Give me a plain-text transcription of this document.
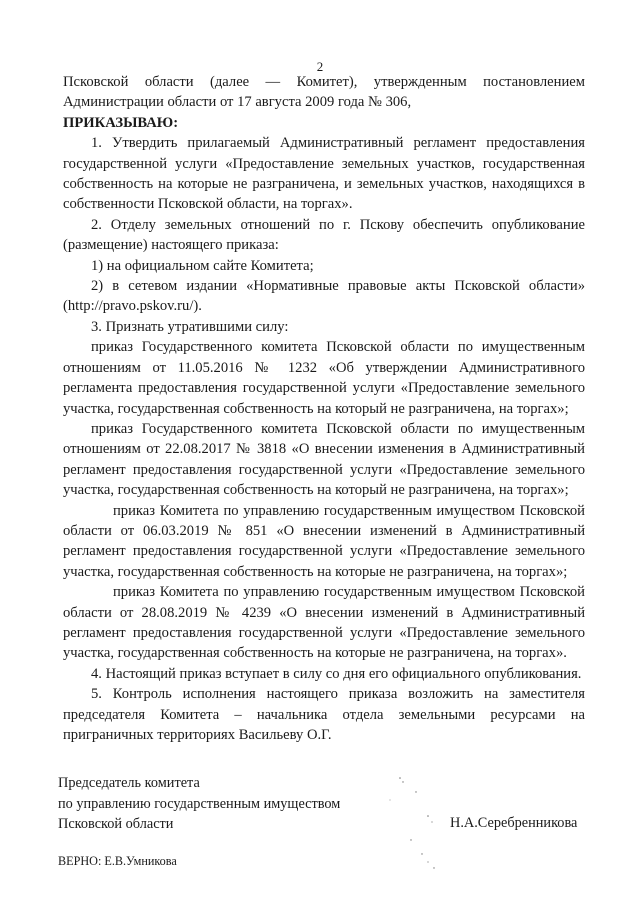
2

Псковской области (далее — Комитет), утвержденным постановлением Администрации области от 17 августа 2009 года № 306,

ПРИКАЗЫВАЮ:

1. Утвердить прилагаемый Административный регламент предоставления государственной услуги «Предоставление земельных участков, государственная собственность на которые не разграничена, и земельных участков, находящихся в собственности Псковской области, на торгах».

2. Отделу земельных отношений по г. Пскову обеспечить опубликование (размещение) настоящего приказа:

1) на официальном сайте Комитета;

2) в сетевом издании «Нормативные правовые акты Псковской области» (http://pravo.pskov.ru/).

3. Признать утратившими силу:

приказ Государственного комитета Псковской области по имущественным отношениям от 11.05.2016 № 1232 «Об утверждении Административного регламента предоставления государственной услуги «Предоставление земельного участка, государственная собственность на который не разграничена, на торгах»;

приказ Государственного комитета Псковской области по имущественным отношениям от 22.08.2017 № 3818 «О внесении изменения в Административный регламент предоставления государственной услуги «Предоставление земельного участка, государственная собственность на который не разграничена, на торгах»;

приказ Комитета по управлению государственным имуществом Псковской области от 06.03.2019 № 851 «О внесении изменений в Административный регламент предоставления государственной услуги «Предоставление земельного участка, государственная собственность на которые не разграничена, на торгах»;

приказ Комитета по управлению государственным имуществом Псковской области от 28.08.2019 № 4239 «О внесении изменений в Административный регламент предоставления государственной услуги «Предоставление земельного участка, государственная собственность на которые не разграничена, на торгах».

4. Настоящий приказ вступает в силу со дня его официального опубликования.

5. Контроль исполнения настоящего приказа возложить на заместителя председателя Комитета – начальника отдела земельными ресурсами на приграничных территориях Васильеву О.Г.

Председатель комитета
по управлению государственным имуществом
Псковской области	Н.А.Серебренникова
ВЕРНО: Е.В.Умникова
